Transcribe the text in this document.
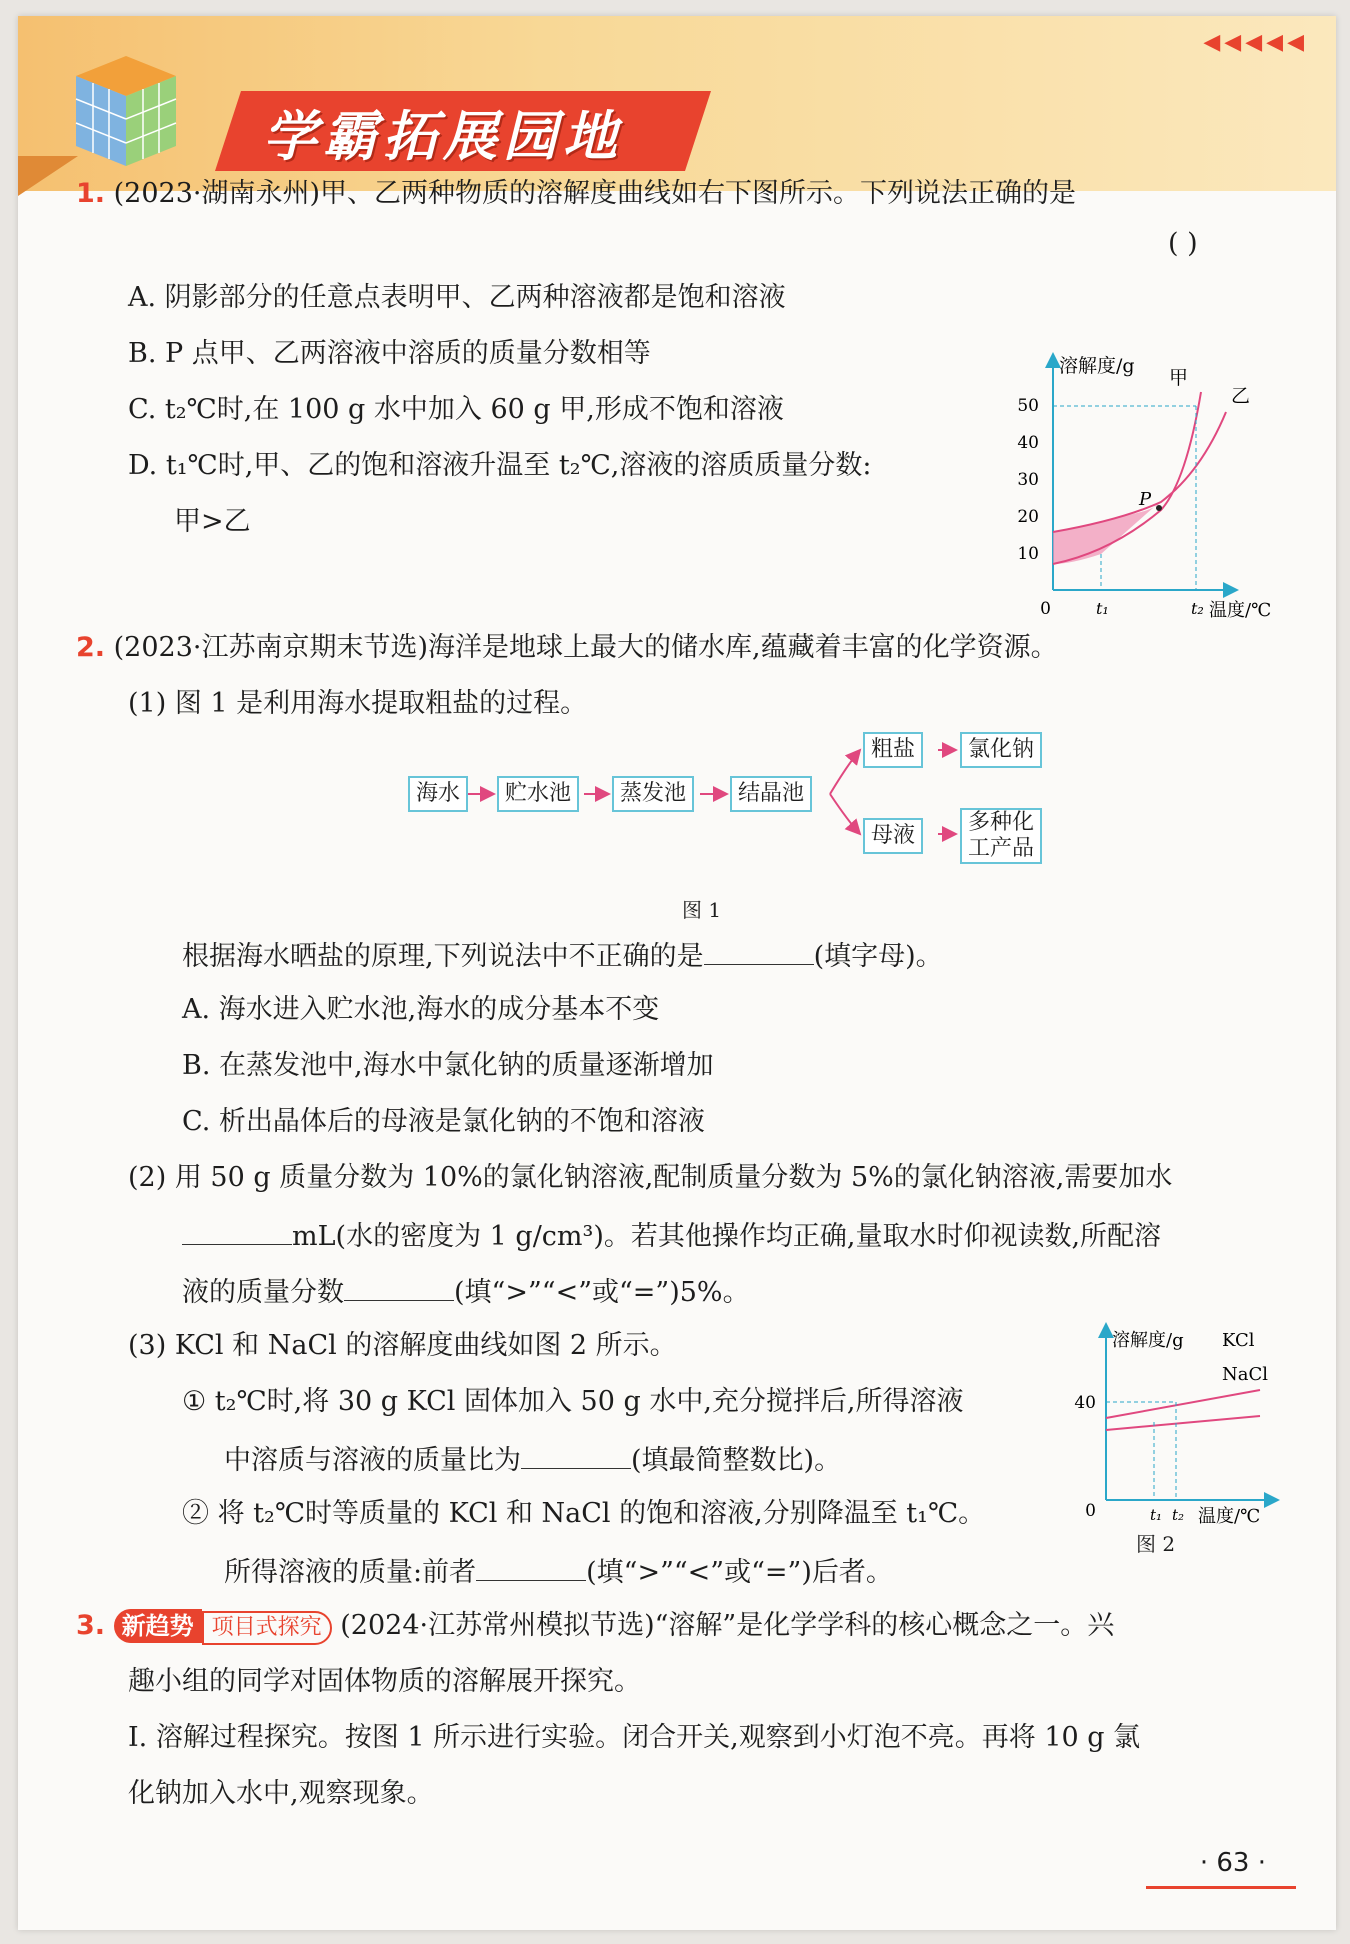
学霸拓展园地
◀◀◀◀◀
1. (2023·湖南永州)甲、乙两种物质的溶解度曲线如右下图所示。下列说法正确的是
( )
A. 阴影部分的任意点表明甲、乙两种溶液都是饱和溶液
B. P 点甲、乙两溶液中溶质的质量分数相等
C. t₂℃时,在 100 g 水中加入 60 g 甲,形成不饱和溶液
D. t₁℃时,甲、乙的饱和溶液升温至 t₂℃,溶液的溶质质量分数:
甲>乙
P
10
20
30
40
50
溶解度/g
甲
乙
0	t₁	t₂ 温度/℃
2. (2023·江苏南京期末节选)海洋是地球上最大的储水库,蕴藏着丰富的化学资源。
(1) 图 1 是利用海水提取粗盐的过程。
海水	贮水池	蒸发池	结晶池
粗盐	氯化钠
母液
多种化
工产品
图 1
根据海水晒盐的原理,下列说法中不正确的是	(填字母)。
A. 海水进入贮水池,海水的成分基本不变
B. 在蒸发池中,海水中氯化钠的质量逐渐增加
C. 析出晶体后的母液是氯化钠的不饱和溶液
(2) 用 50 g 质量分数为 10%的氯化钠溶液,配制质量分数为 5%的氯化钠溶液,需要加水
mL(水的密度为 1 g/cm³)。若其他操作均正确,量取水时仰视读数,所配溶
液的质量分数	(填“>”“<”或“=”)5%。
(3) KCl 和 NaCl 的溶解度曲线如图 2 所示。
① t₂℃时,将 30 g KCl 固体加入 50 g 水中,充分搅拌后,所得溶液
中溶质与溶液的质量比为	(填最简整数比)。
② 将 t₂℃时等质量的 KCl 和 NaCl 的饱和溶液,分别降温至 t₁℃。
所得溶液的质量:前者	(填“>”“<”或“=”)后者。
40
0
溶解度/g KCl
NaCl
t₁ t₂ 温度/℃
图 2
3. 新趋势 项目式探究 (2024·江苏常州模拟节选)“溶解”是化学学科的核心概念之一。兴
趣小组的同学对固体物质的溶解展开探究。
Ⅰ. 溶解过程探究。按图 1 所示进行实验。闭合开关,观察到小灯泡不亮。再将 10 g 氯
化钠加入水中,观察现象。
· 63 ·
